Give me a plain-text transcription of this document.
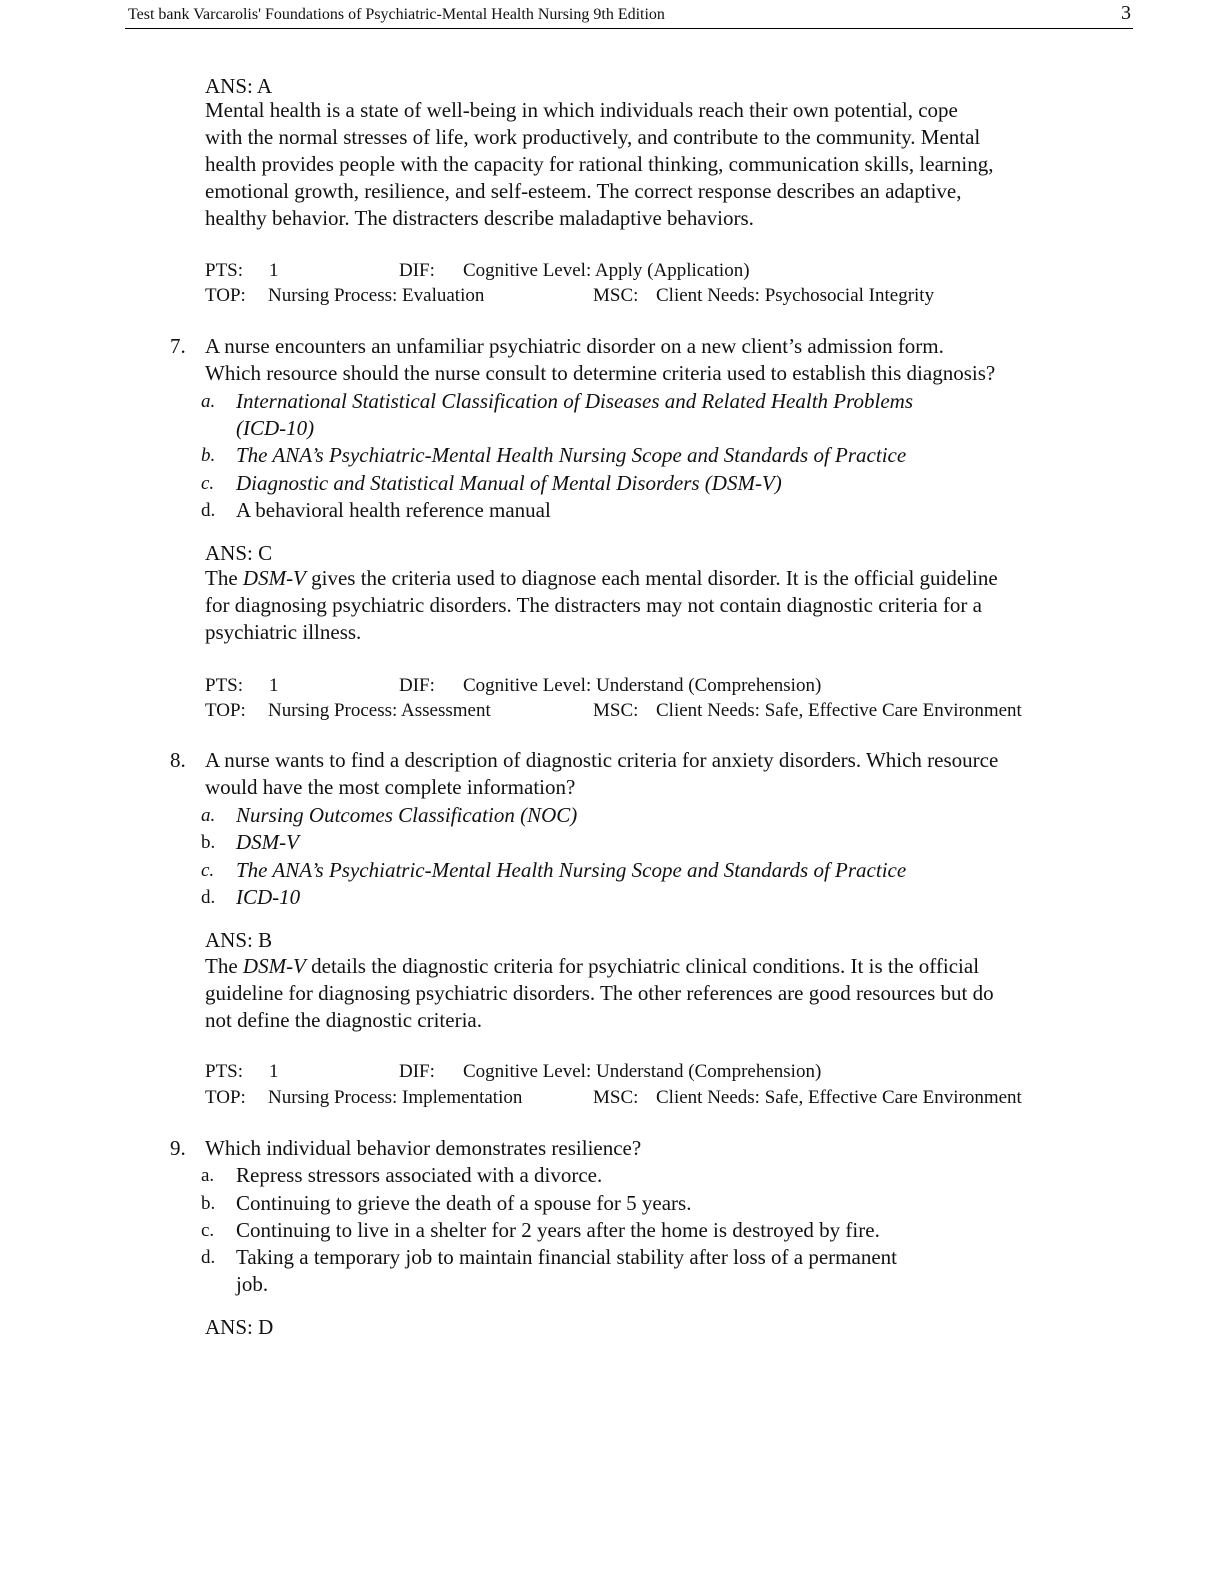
Test bank Varcarolis' Foundations of Psychiatric-Mental Health Nursing 9th Edition	3
ANS: A
Mental health is a state of well-being in which individuals reach their own potential, cope
with the normal stresses of life, work productively, and contribute to the community. Mental
health provides people with the capacity for rational thinking, communication skills, learning,
emotional growth, resilience, and self-esteem. The correct response describes an adaptive,
healthy behavior. The distracters describe maladaptive behaviors.
PTS: 1	DIF: Cognitive Level: Apply (Application)
TOP: Nursing Process: Evaluation	MSC: Client Needs: Psychosocial Integrity
7. A nurse encounters an unfamiliar psychiatric disorder on a new client’s admission form.
Which resource should the nurse consult to determine criteria used to establish this diagnosis?
a. International Statistical Classification of Diseases and Related Health Problems
(ICD-10)
b. The ANA’s Psychiatric-Mental Health Nursing Scope and Standards of Practice
c. Diagnostic and Statistical Manual of Mental Disorders (DSM-V)
d. A behavioral health reference manual
ANS: C
The DSM-V gives the criteria used to diagnose each mental disorder. It is the official guideline
for diagnosing psychiatric disorders. The distracters may not contain diagnostic criteria for a
psychiatric illness.
PTS: 1	DIF: Cognitive Level: Understand (Comprehension)
TOP: Nursing Process: Assessment	MSC: Client Needs: Safe, Effective Care Environment
8. A nurse wants to find a description of diagnostic criteria for anxiety disorders. Which resource
would have the most complete information?
a. Nursing Outcomes Classification (NOC)
b. DSM-V
c. The ANA’s Psychiatric-Mental Health Nursing Scope and Standards of Practice
d. ICD-10
ANS: B
The DSM-V details the diagnostic criteria for psychiatric clinical conditions. It is the official
guideline for diagnosing psychiatric disorders. The other references are good resources but do
not define the diagnostic criteria.
PTS: 1	DIF: Cognitive Level: Understand (Comprehension)
TOP: Nursing Process: Implementation	MSC: Client Needs: Safe, Effective Care Environment
9. Which individual behavior demonstrates resilience?
a. Repress stressors associated with a divorce.
b. Continuing to grieve the death of a spouse for 5 years.
c. Continuing to live in a shelter for 2 years after the home is destroyed by fire.
d. Taking a temporary job to maintain financial stability after loss of a permanent
job.
ANS: D
